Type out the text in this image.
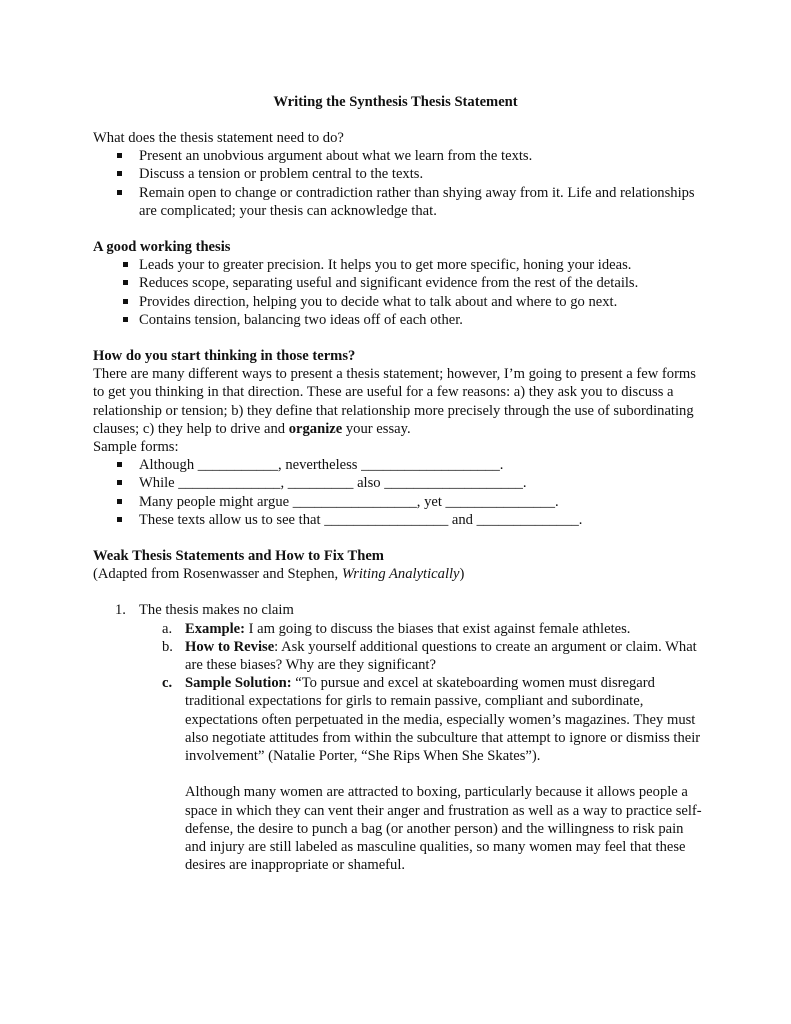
Writing the Synthesis Thesis Statement

What does the thesis statement need to do?

Present an unobvious argument about what we learn from the texts.
Discuss a tension or problem central to the texts.
Remain open to change or contradiction rather than shying away from it. Life and relationships are complicated; your thesis can acknowledge that.

A good working thesis

Leads your to greater precision. It helps you to get more specific, honing your ideas.
Reduces scope, separating useful and significant evidence from the rest of the details.
Provides direction, helping you to decide what to talk about and where to go next.
Contains tension, balancing two ideas off of each other.

How do you start thinking in those terms?

There are many different ways to present a thesis statement; however, I’m going to present a few forms to get you thinking in that direction. These are useful for a few reasons: a) they ask you to discuss a relationship or tension; b) they define that relationship more precisely through the use of subordinating clauses; c) they help to drive and organize your essay.

Sample forms:

Although ___________, nevertheless ___________________.
While ______________, _________ also ___________________.
Many people might argue _________________, yet _______________.
These texts allow us to see that _________________ and ______________.

Weak Thesis Statements and How to Fix Them

(Adapted from Rosenwasser and Stephen, Writing Analytically)

1. The thesis makes no claim
a. Example: I am going to discuss the biases that exist against female athletes.
b. How to Revise: Ask yourself additional questions to create an argument or claim. What are these biases? Why are they significant?
c. Sample Solution: “To pursue and excel at skateboarding women must disregard traditional expectations for girls to remain passive, compliant and subordinate, expectations often perpetuated in the media, especially women’s magazines. They must also negotiate attitudes from within the subculture that attempt to ignore or dismiss their involvement” (Natalie Porter, “She Rips When She Skates”).

Although many women are attracted to boxing, particularly because it allows people a space in which they can vent their anger and frustration as well as a way to practice self-defense, the desire to punch a bag (or another person) and the willingness to risk pain and injury are still labeled as masculine qualities, so many women may feel that these desires are inappropriate or shameful.
